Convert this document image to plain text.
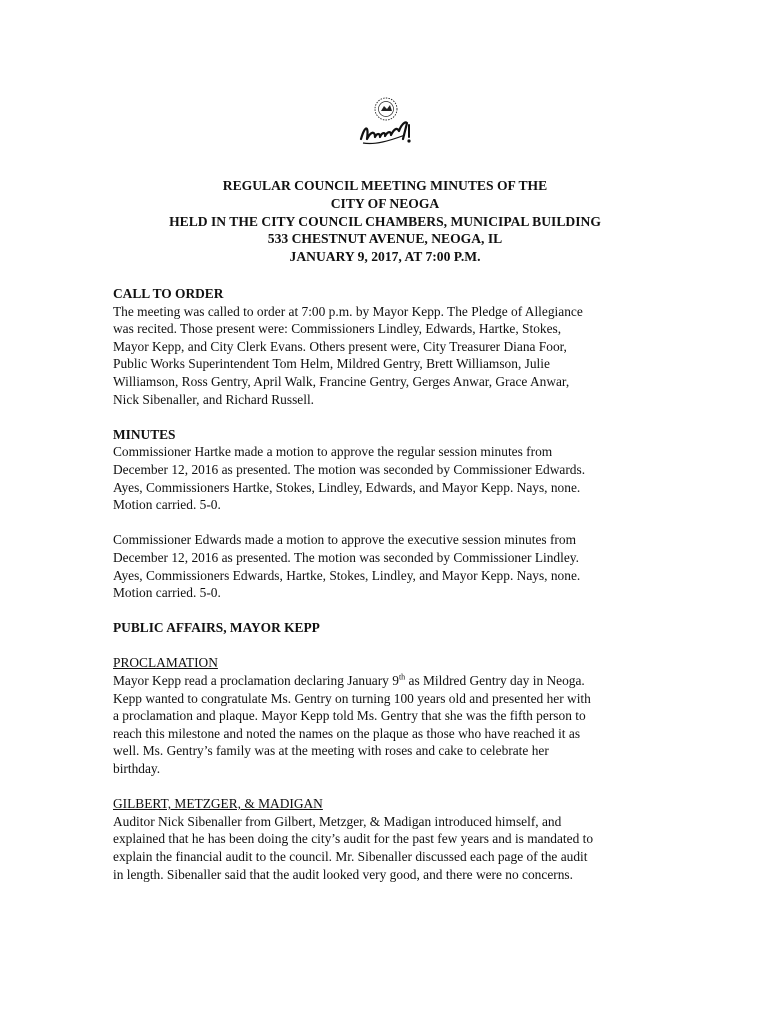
REGULAR COUNCIL MEETING MINUTES OF THE
CITY OF NEOGA
HELD IN THE CITY COUNCIL CHAMBERS, MUNICIPAL BUILDING
533 CHESTNUT AVENUE, NEOGA, IL
JANUARY 9, 2017, AT 7:00 P.M.
CALL TO ORDER
The meeting was called to order at 7:00 p.m. by Mayor Kepp. The Pledge of Allegiance
was recited. Those present were: Commissioners Lindley, Edwards, Hartke, Stokes,
Mayor Kepp, and City Clerk Evans. Others present were, City Treasurer Diana Foor,
Public Works Superintendent Tom Helm, Mildred Gentry, Brett Williamson, Julie
Williamson, Ross Gentry, April Walk, Francine Gentry, Gerges Anwar, Grace Anwar,
Nick Sibenaller, and Richard Russell.
MINUTES
Commissioner Hartke made a motion to approve the regular session minutes from
December 12, 2016 as presented. The motion was seconded by Commissioner Edwards.
Ayes, Commissioners Hartke, Stokes, Lindley, Edwards, and Mayor Kepp. Nays, none.
Motion carried. 5-0.
Commissioner Edwards made a motion to approve the executive session minutes from
December 12, 2016 as presented. The motion was seconded by Commissioner Lindley.
Ayes, Commissioners Edwards, Hartke, Stokes, Lindley, and Mayor Kepp. Nays, none.
Motion carried. 5-0.
PUBLIC AFFAIRS, MAYOR KEPP
PROCLAMATION
Mayor Kepp read a proclamation declaring January 9th as Mildred Gentry day in Neoga.
Kepp wanted to congratulate Ms. Gentry on turning 100 years old and presented her with
a proclamation and plaque. Mayor Kepp told Ms. Gentry that she was the fifth person to
reach this milestone and noted the names on the plaque as those who have reached it as
well. Ms. Gentry’s family was at the meeting with roses and cake to celebrate her
birthday.
GILBERT, METZGER, & MADIGAN
Auditor Nick Sibenaller from Gilbert, Metzger, & Madigan introduced himself, and
explained that he has been doing the city’s audit for the past few years and is mandated to
explain the financial audit to the council. Mr. Sibenaller discussed each page of the audit
in length. Sibenaller said that the audit looked very good, and there were no concerns.
